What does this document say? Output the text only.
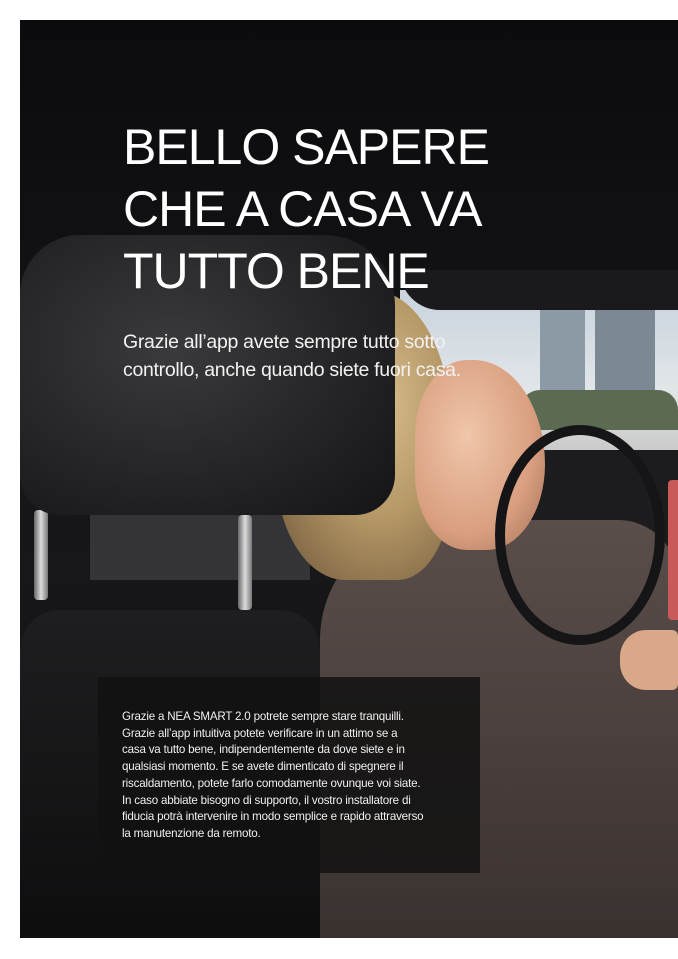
BELLO SAPERE
CHE A CASA VA
TUTTO BENE

Grazie all’app avete sempre tutto sotto
controllo, anche quando siete fuori casa.

Grazie a NEA SMART 2.0 potrete sempre stare tranquilli.
Grazie all’app intuitiva potete verificare in un attimo se a
casa va tutto bene, indipendentemente da dove siete e in
qualsiasi momento. E se avete dimenticato di spegnere il
riscaldamento, potete farlo comodamente ovunque voi siate.
In caso abbiate bisogno di supporto, il vostro installatore di
fiducia potrà intervenire in modo semplice e rapido attraverso
la manutenzione da remoto.
